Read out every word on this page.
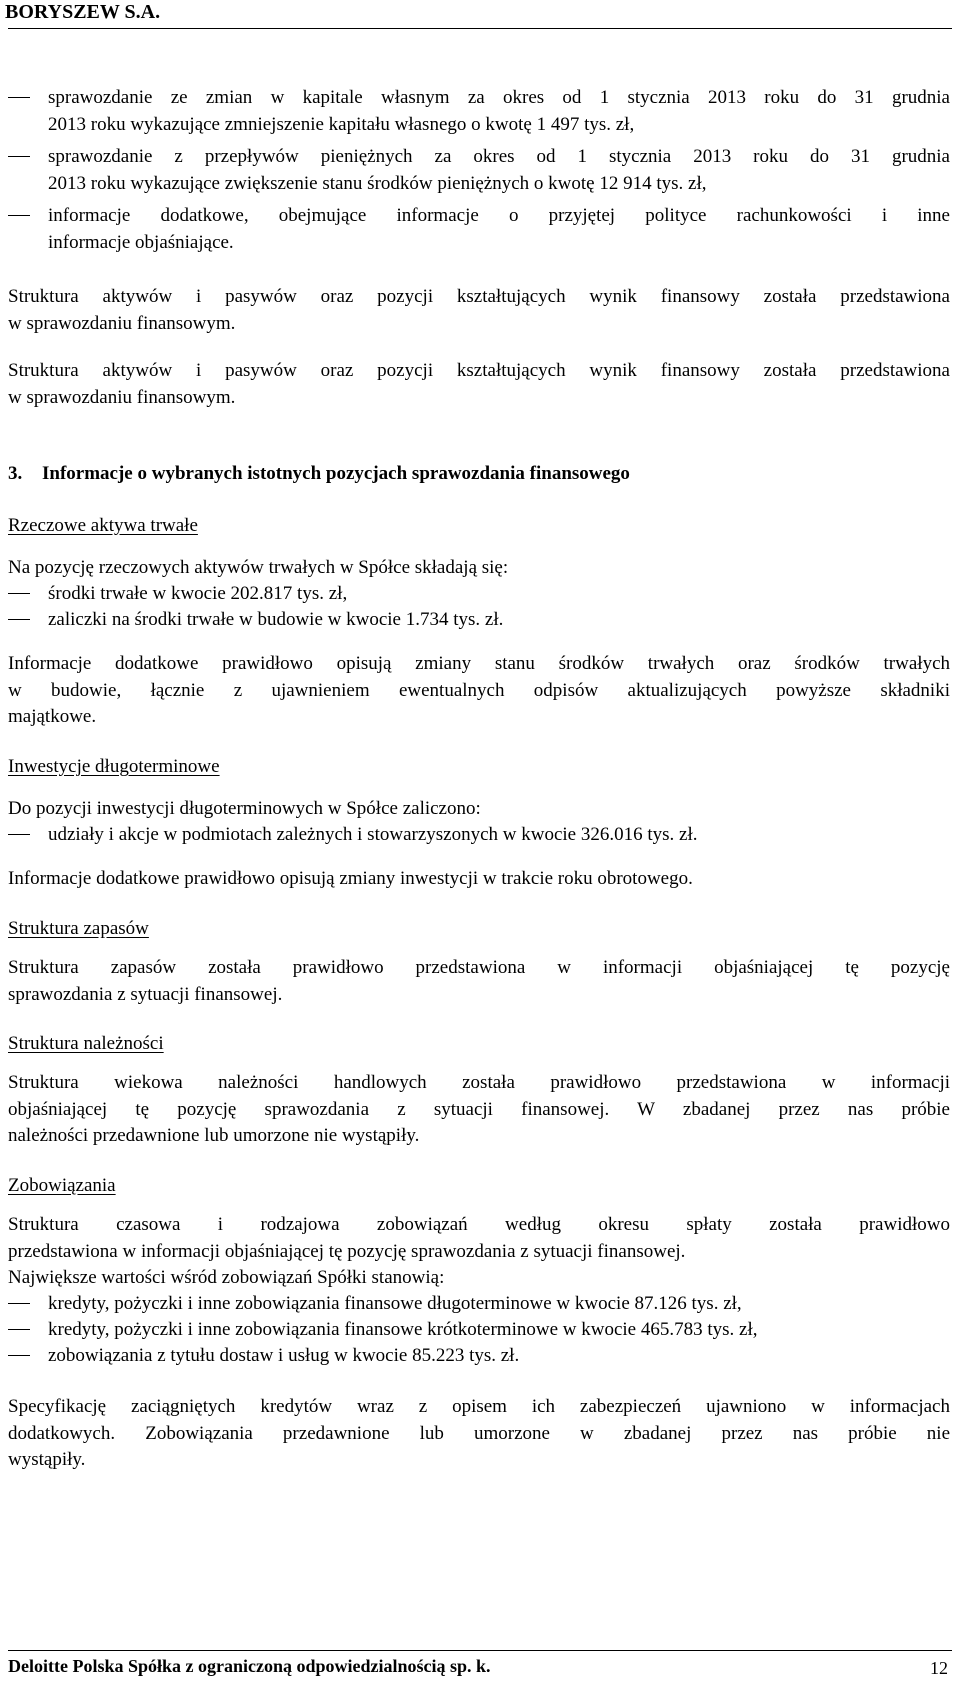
BORYSZEW S.A.
sprawozdanie ze zmian w kapitale własnym za okres od 1 stycznia 2013 roku do 31 grudnia
2013 roku wykazujące zmniejszenie kapitału własnego o kwotę 1 497 tys. zł,
sprawozdanie z przepływów pieniężnych za okres od 1 stycznia 2013 roku do 31 grudnia
2013 roku wykazujące zwiększenie stanu środków pieniężnych o kwotę 12 914 tys. zł,
informacje dodatkowe, obejmujące informacje o przyjętej polityce rachunkowości i inne
informacje objaśniające.
Struktura aktywów i pasywów oraz pozycji kształtujących wynik finansowy została przedstawiona
w sprawozdaniu finansowym.
Struktura aktywów i pasywów oraz pozycji kształtujących wynik finansowy została przedstawiona
w sprawozdaniu finansowym.
3. Informacje o wybranych istotnych pozycjach sprawozdania finansowego
Rzeczowe aktywa trwałe
Na pozycję rzeczowych aktywów trwałych w Spółce składają się:
środki trwałe w kwocie 202.817 tys. zł,
zaliczki na środki trwałe w budowie w kwocie 1.734 tys. zł.
Informacje dodatkowe prawidłowo opisują zmiany stanu środków trwałych oraz środków trwałych
w budowie, łącznie z ujawnieniem ewentualnych odpisów aktualizujących powyższe składniki
majątkowe.
Inwestycje długoterminowe
Do pozycji inwestycji długoterminowych w Spółce zaliczono:
udziały i akcje w podmiotach zależnych i stowarzyszonych w kwocie 326.016 tys. zł.
Informacje dodatkowe prawidłowo opisują zmiany inwestycji w trakcie roku obrotowego.
Struktura zapasów
Struktura zapasów została prawidłowo przedstawiona w informacji objaśniającej tę pozycję
sprawozdania z sytuacji finansowej.
Struktura należności
Struktura wiekowa należności handlowych została prawidłowo przedstawiona w informacji
objaśniającej tę pozycję sprawozdania z sytuacji finansowej. W zbadanej przez nas próbie
należności przedawnione lub umorzone nie wystąpiły.
Zobowiązania
Struktura czasowa i rodzajowa zobowiązań według okresu spłaty została prawidłowo
przedstawiona w informacji objaśniającej tę pozycję sprawozdania z sytuacji finansowej.
Największe wartości wśród zobowiązań Spółki stanowią:
kredyty, pożyczki i inne zobowiązania finansowe długoterminowe w kwocie 87.126 tys. zł,
kredyty, pożyczki i inne zobowiązania finansowe krótkoterminowe w kwocie 465.783 tys. zł,
zobowiązania z tytułu dostaw i usług w kwocie 85.223 tys. zł.
Specyfikację zaciągniętych kredytów wraz z opisem ich zabezpieczeń ujawniono w informacjach
dodatkowych. Zobowiązania przedawnione lub umorzone w zbadanej przez nas próbie nie
wystąpiły.
Deloitte Polska Spółka z ograniczoną odpowiedzialnością sp. k.	12
